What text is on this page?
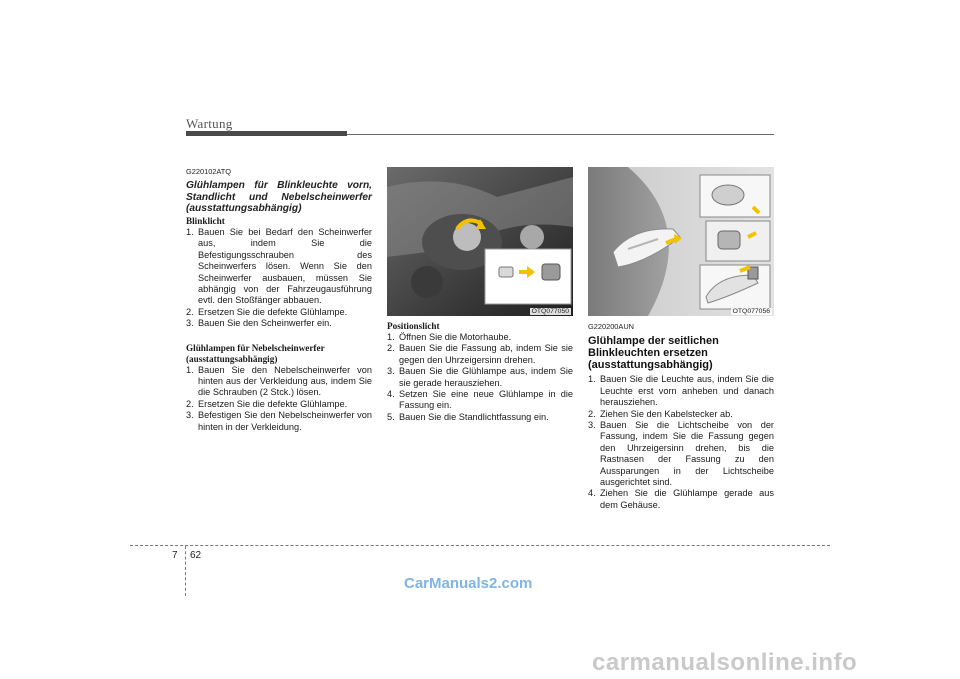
Wartung
G220102ATQ
Glühlampen für Blinkleuchte vorn, Standlicht und Nebelscheinwerfer (ausstattungsabhängig)
Blinklicht
1. Bauen Sie bei Bedarf den Scheinwerfer aus, indem Sie die Befestigungsschrauben des Scheinwerfers lösen. Wenn Sie den Scheinwerfer ausbauen, müssen Sie abhängig von der Fahrzeugausführung evtl. den Stoßfänger abbauen.
2. Ersetzen Sie die defekte Glühlampe.
3. Bauen Sie den Scheinwerfer ein.
Glühlampen für Nebelscheinwerfer (ausstattungsabhängig)
1. Bauen Sie den Nebelscheinwerfer von hinten aus der Verkleidung aus, indem Sie die Schrauben (2 Stck.) lösen.
2. Ersetzen Sie die defekte Glühlampe.
3. Befestigen Sie den Nebelscheinwerfer von hinten in der Verkleidung.
OTQ077050
Positionslicht
1. Öffnen Sie die Motorhaube.
2. Bauen Sie die Fassung ab, indem Sie sie gegen den Uhrzeigersinn drehen.
3. Bauen Sie die Glühlampe aus, indem Sie sie gerade herausziehen.
4. Setzen Sie eine neue Glühlampe in die Fassung ein.
5. Bauen Sie die Standlichtfassung ein.
OTQ077056
G220200AUN
Glühlampe der seitlichen Blinkleuchten ersetzen (ausstattungsabhängig)
1. Bauen Sie die Leuchte aus, indem Sie die Leuchte erst vorn anheben und danach herausziehen.
2. Ziehen Sie den Kabelstecker ab.
3. Bauen Sie die Lichtscheibe von der Fassung, indem Sie die Fassung gegen den Uhrzeigersinn drehen, bis die Rastnasen der Fassung zu den Aussparungen in der Lichtscheibe ausgerichtet sind.
4. Ziehen Sie die Glühlampe gerade aus dem Gehäuse.
7 62
CarManuals2.com
carmanualsonline.info
